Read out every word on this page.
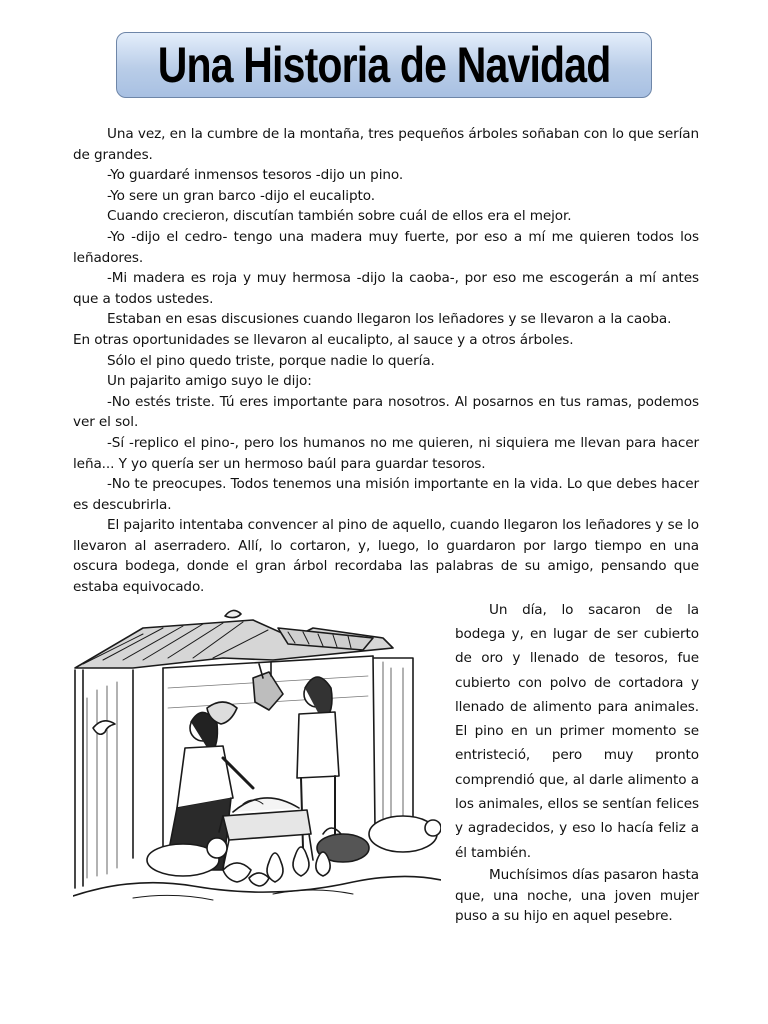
Una Historia de Navidad

Una vez, en la cumbre de la montaña, tres pequeños árboles soñaban con lo que serían de grandes.

-Yo guardaré inmensos tesoros -dijo un pino.

-Yo sere un gran barco -dijo el eucalipto.

Cuando crecieron, discutían también sobre cuál de ellos era el mejor.

-Yo -dijo el cedro- tengo una madera muy fuerte, por eso a mí me quieren todos los leñadores.

-Mi madera es roja y muy hermosa -dijo la caoba-, por eso me escogerán a mí antes que a todos ustedes.

Estaban en esas discusiones cuando llegaron los leñadores y se llevaron a la caoba.

En otras oportunidades se llevaron al eucalipto, al sauce y a otros árboles.

Sólo el pino quedo triste, porque nadie lo quería.

Un pajarito amigo suyo le dijo:

-No estés triste. Tú eres importante para nosotros. Al posarnos en tus ramas, podemos ver el sol.

-Sí -replico el pino-, pero los humanos no me quieren, ni siquiera me llevan para hacer leña... Y yo quería ser un hermoso baúl para guardar tesoros.

-No te preocupes. Todos tenemos una misión importante en la vida. Lo que debes hacer es descubrirla.

El pajarito intentaba convencer al pino de aquello, cuando llegaron los leñadores y se lo llevaron al aserradero. Allí, lo cortaron, y, luego, lo guardaron por largo tiempo en una oscura bodega, donde el gran árbol recordaba las palabras de su amigo, pensando que estaba equivocado.

Un día, lo sacaron de la bodega y, en lugar de ser cubierto de oro y llenado de tesoros, fue cubierto con polvo de cortadora y llenado de alimento para animales. El pino en un primer momento se entristeció, pero muy pronto comprendió que, al darle alimento a los animales, ellos se sentían felices y agradecidos, y eso lo hacía feliz a él también.

Muchísimos días pasaron hasta que, una noche, una joven mujer puso a su hijo en aquel pesebre.
